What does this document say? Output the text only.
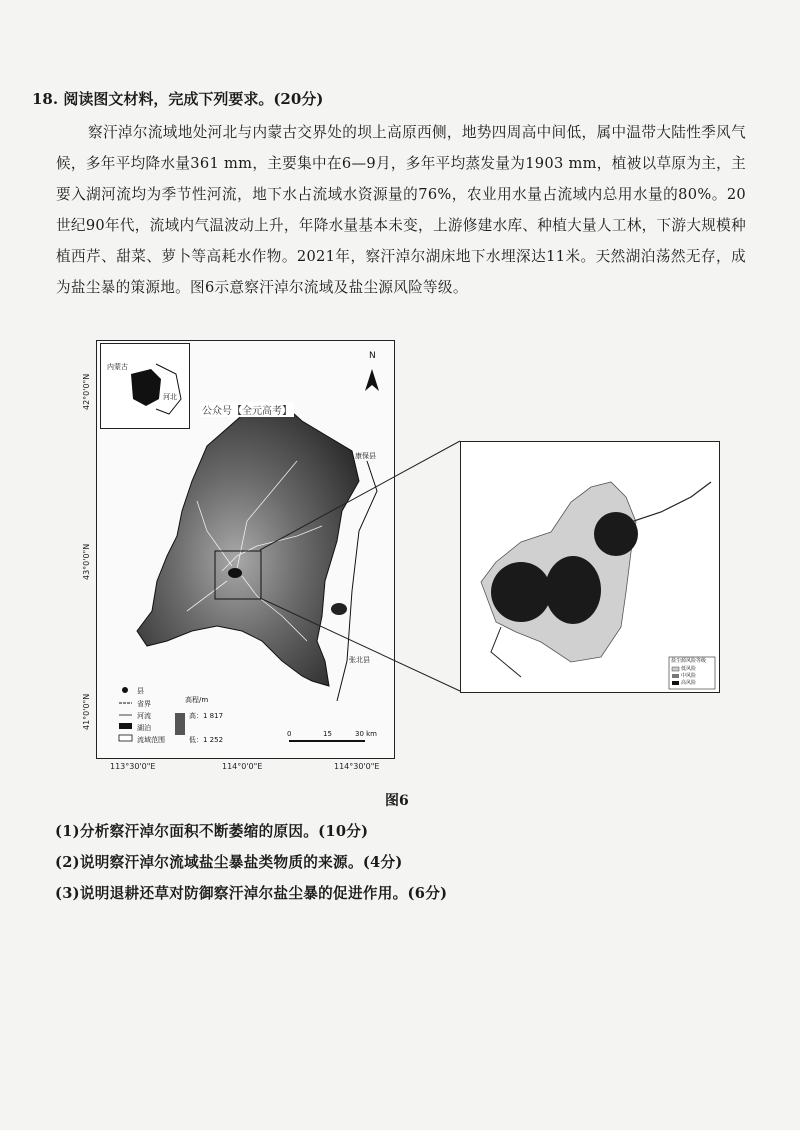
18. 阅读图文材料，完成下列要求。(20分)
察汗淖尔流域地处河北与内蒙古交界处的坝上高原西侧，地势四周高中间低，属中温带大陆性季风气候，多年平均降水量361 mm，主要集中在6—9月，多年平均蒸发量为1903 mm，植被以草原为主，主要入湖河流均为季节性河流，地下水占流域水资源量的76%，农业用水量占流域内总用水量的80%。20世纪90年代，流域内气温波动上升，年降水量基本未变，上游修建水库、种植大量人工林，下游大规模种植西芹、甜菜、萝卜等高耗水作物。2021年，察汗淖尔湖床地下水埋深达11米。天然湖泊荡然无存，成为盐尘暴的策源地。图6示意察汗淖尔流域及盐尘源风险等级。
N
康保县
张北县
县
省界
河流
湖泊
流域范围
高程/m
高：1 817
低：1 252
0	15	30 km
内蒙古
河北
公众号【全元高考】
42°0'0"N
43°0'0"N
41°0'0"N
113°30'0"E	114°0'0"E	114°30'0"E
盐尘源风险等级
低风险
中风险
高风险
图6
(1)分析察汗淖尔面积不断萎缩的原因。(10分)
(2)说明察汗淖尔流域盐尘暴盐类物质的来源。(4分)
(3)说明退耕还草对防御察汗淖尔盐尘暴的促进作用。(6分)
